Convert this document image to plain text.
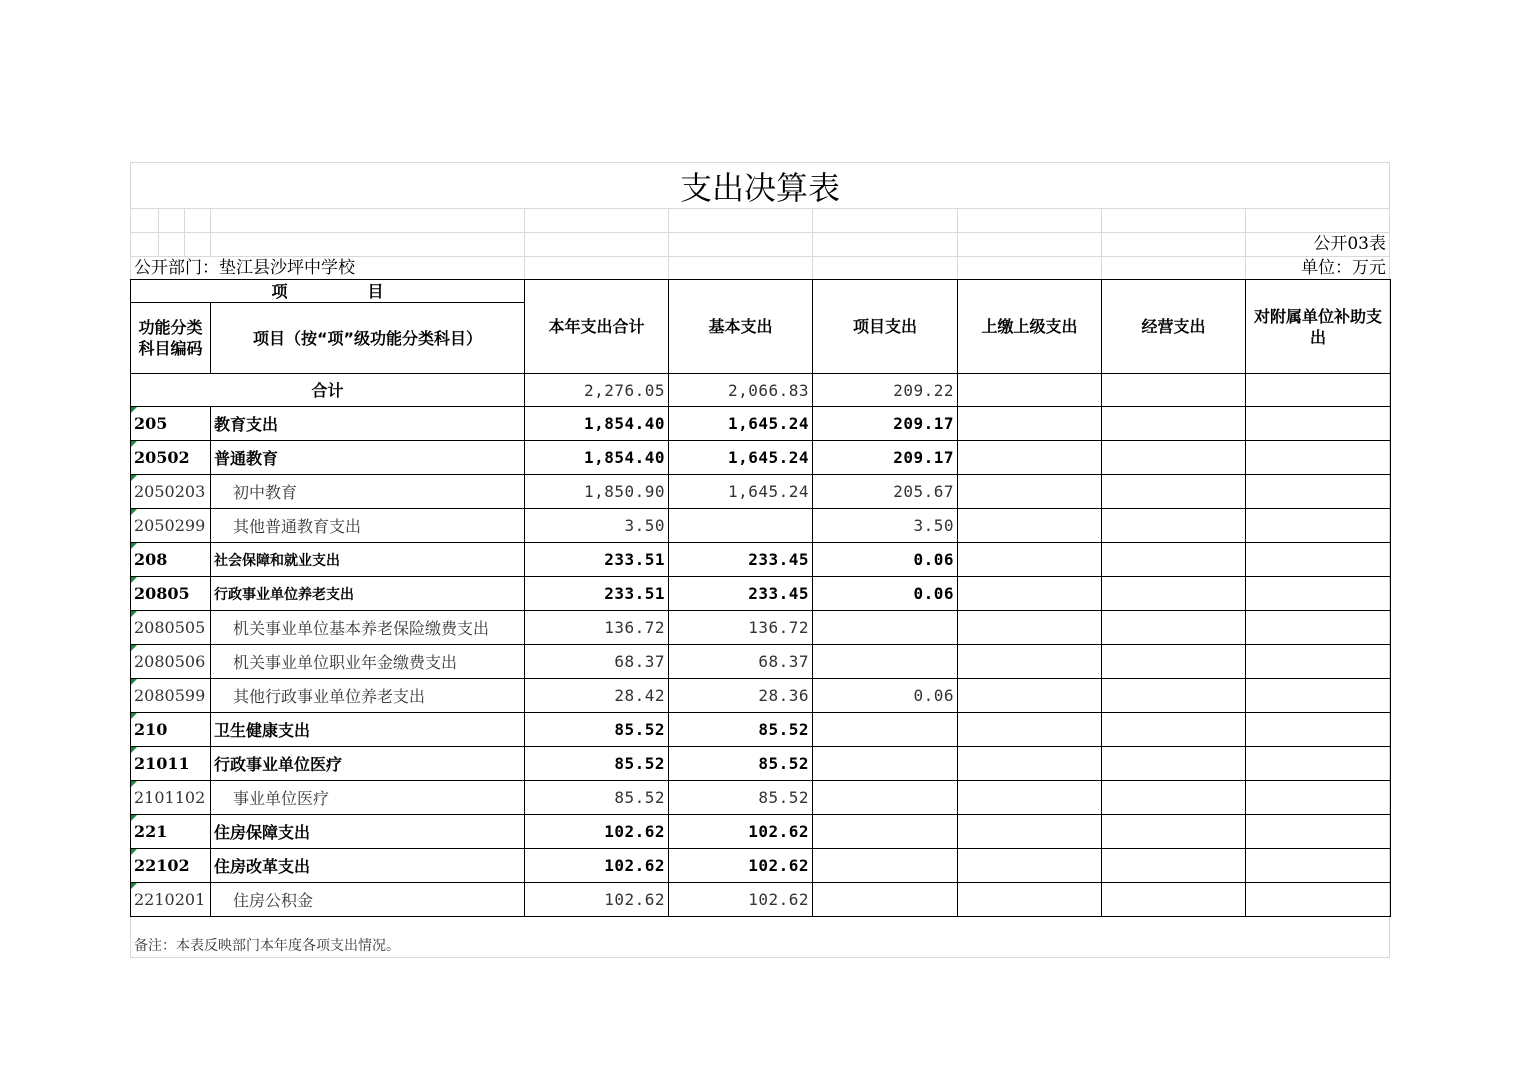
支出决算表
公开03表
公开部门：垫江县沙坪中学校	单位：万元
项　　　　　目		本年支出合计	基本支出	项目支出	上缴上级支出	经营支出	对附属单位补助支出
功能分类科目编码	项目（按“项”级功能分类科目）						
合计		2,276.05	2,066.83	209.22			
205	教育支出	1,854.40	1,645.24	209.17			
20502	普通教育	1,854.40	1,645.24	209.17			
2050203	初中教育	1,850.90	1,645.24	205.67			
2050299	其他普通教育支出	3.50		3.50			
208	社会保障和就业支出	233.51	233.45	0.06			
20805	行政事业单位养老支出	233.51	233.45	0.06			
2080505	机关事业单位基本养老保险缴费支出	136.72	136.72				
2080506	机关事业单位职业年金缴费支出	68.37	68.37				
2080599	其他行政事业单位养老支出	28.42	28.36	0.06			
210	卫生健康支出	85.52	85.52				
21011	行政事业单位医疗	85.52	85.52				
2101102	事业单位医疗	85.52	85.52				
221	住房保障支出	102.62	102.62				
22102	住房改革支出	102.62	102.62				
2210201	住房公积金	102.62	102.62				
备注：本表反映部门本年度各项支出情况。
